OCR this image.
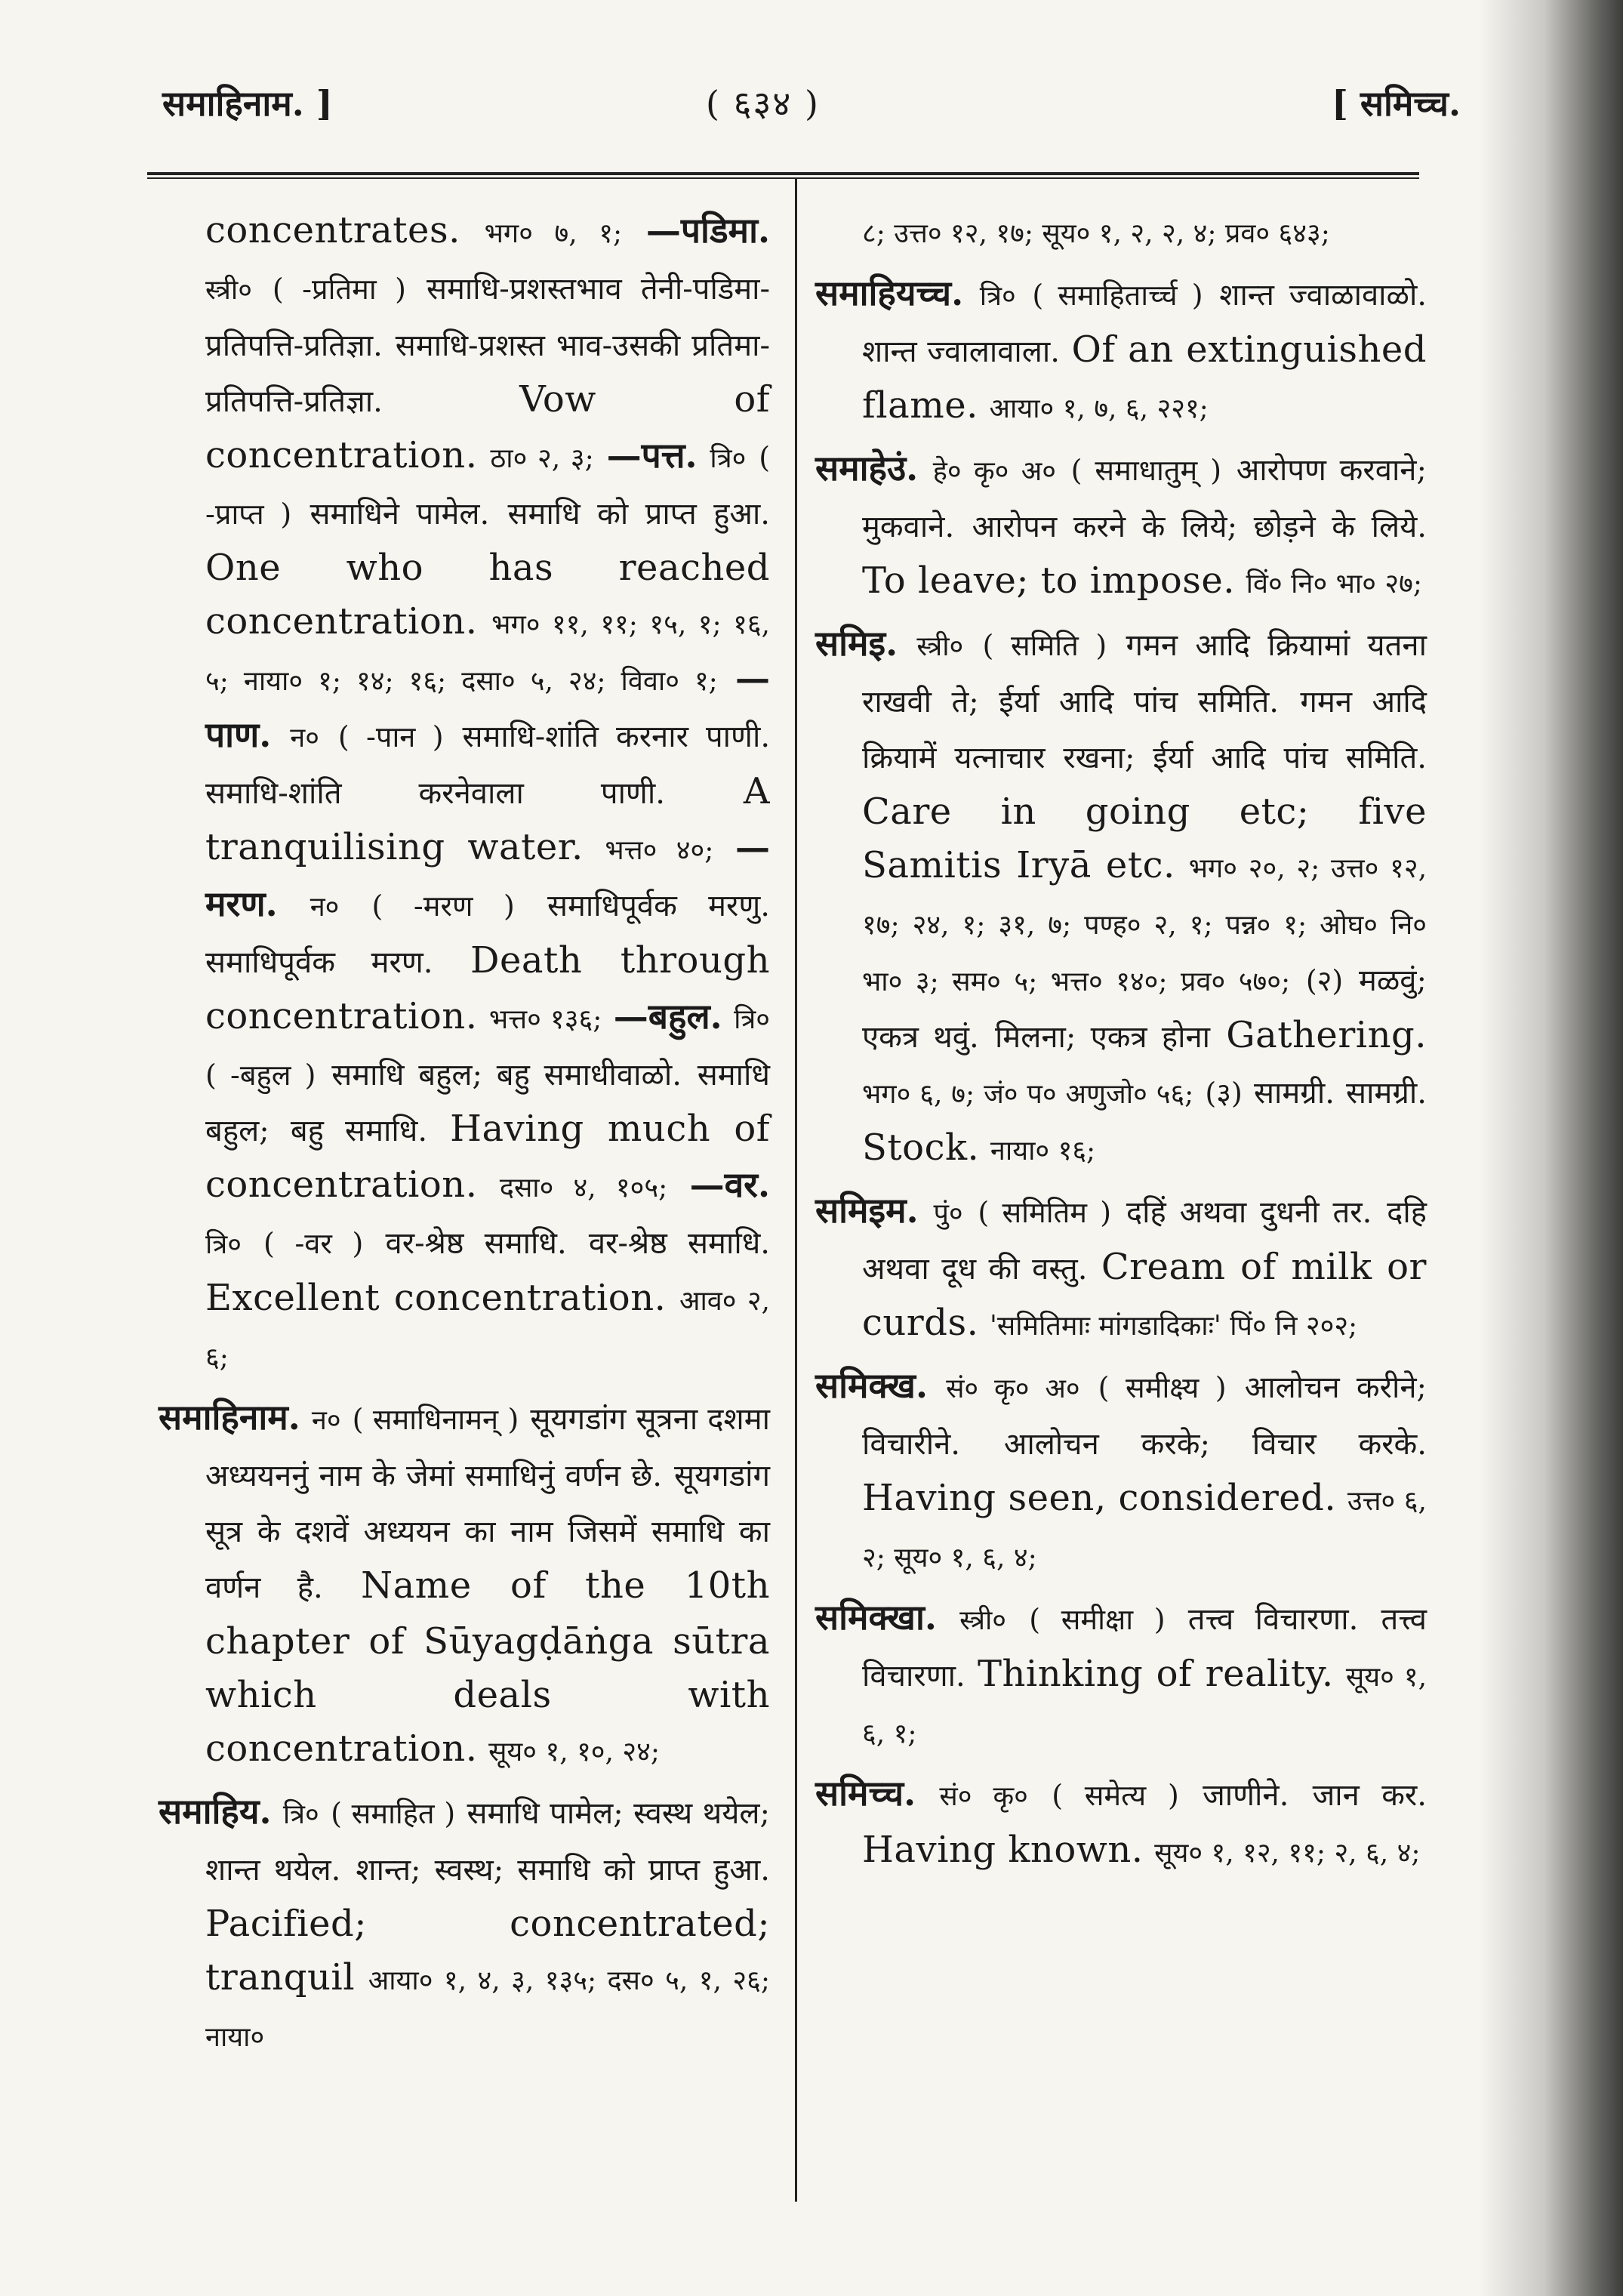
समाहिनाम. ]	( ६३४ )	[ समिच्च.

concentrates. भग० ७, १; —पडिमा. स्त्री० ( -प्रतिमा ) समाधि-प्रशस्तभाव तेनी-पडिमा-प्रतिपत्ति-प्रतिज्ञा. समाधि-प्रशस्त भाव-उसकी प्रतिमा-प्रतिपत्ति-प्रतिज्ञा.	Vow of concentration. ठा० २, ३; —पत्त. त्रि० ( -प्राप्त ) समाधिने पामेल. समाधि को प्राप्त हुआ. One who has reached concentration. भग० ११, ११; १५, १; १६, ५; नाया० १; १४; १६; दसा० ५, २४; विवा० १; —पाण. न० ( -पान ) समाधि-शांति करनार पाणी. समाधि-शांति करनेवाला पाणी. A tranquilising water. भत्त० ४०; —मरण. न० ( -मरण ) समाधिपूर्वक मरणु. समाधिपूर्वक मरण. Death through concentration. भत्त० १३६; —बहुल. त्रि० ( -बहुल ) समाधि बहुल; बहु समाधीवाळो. समाधि बहुल; बहु समाधि. Having much of concentration. दसा० ४, १०५; —वर. त्रि० ( -वर ) वर-श्रेष्ठ समाधि. वर-श्रेष्ठ समाधि. Excellent concentration. आव० २, ६;

समाहिनाम. न० ( समाधिनामन् ) सूयगडांग सूत्रना दशमा अध्ययननुं नाम के जेमां समाधिनुं वर्णन छे. सूयगडांग सूत्र के दशवें अध्ययन का नाम जिसमें समाधि का वर्णन है. Name of the 10th chapter of Sūyagḍāṅga sūtra which deals with concentration. सूय० १, १०, २४;

समाहिय. त्रि० ( समाहित ) समाधि पामेल; स्वस्थ थयेल; शान्त थयेल. शान्त; स्वस्थ; समाधि को प्राप्त हुआ. Pacified; concentrated; tranquil आया० १, ४, ३, १३५; दस० ५, १, २६; नाया०

८; उत्त० १२, १७; सूय० १, २, २, ४; प्रव० ६४३;

समाहियच्च. त्रि० ( समाहितार्च्च ) शान्त ज्वाळावाळो. शान्त ज्वालावाला. Of an extinguished flame. आया० १, ७, ६, २२१;

समाहेउं. हे० कृ० अ० ( समाधातुम् ) आरोपण करवाने; मुकवाने. आरोपन करने के लिये; छोड़ने के लिये. To leave; to impose. विं० नि० भा० २७;

समिइ. स्त्री० ( समिति ) गमन आदि क्रियामां यतना राखवी ते; ईर्या आदि पांच समिति. गमन आदि क्रियामें यत्नाचार रखना; ईर्या आदि पांच समिति. Care in going etc; five Samitis Iryā etc. भग० २०, २; उत्त० १२, १७; २४, १; ३१, ७; पण्ह० २, १; पन्न० १; ओघ० नि० भा० ३; सम० ५; भत्त० १४०; प्रव० ५७०; (२) मळवुं; एकत्र थवुं. मिलना; एकत्र होना Gathering. भग० ६, ७; जं० प० अणुजो० ५६; (३) सामग्री. सामग्री. Stock. नाया० १६;

समिइम. पुं० ( समितिम ) दहिं अथवा दुधनी तर. दहि अथवा दूध की वस्तु. Cream of milk or curds. 'समितिमाः मांगडादिकाः' पिं० नि २०२;

समिक्ख. सं० कृ० अ० ( समीक्ष्य ) आलोचन करीने; विचारीने. आलोचन करके; विचार करके. Having seen, considered. उत्त० ६, २; सूय० १, ६, ४;

समिक्खा. स्त्री० ( समीक्षा ) तत्त्व विचारणा. तत्त्व विचारणा. Thinking of reality. सूय० १, ६, १;

समिच्च. सं० कृ० ( समेत्य ) जाणीने. जान कर. Having known. सूय० १, १२, ११; २, ६, ४;
